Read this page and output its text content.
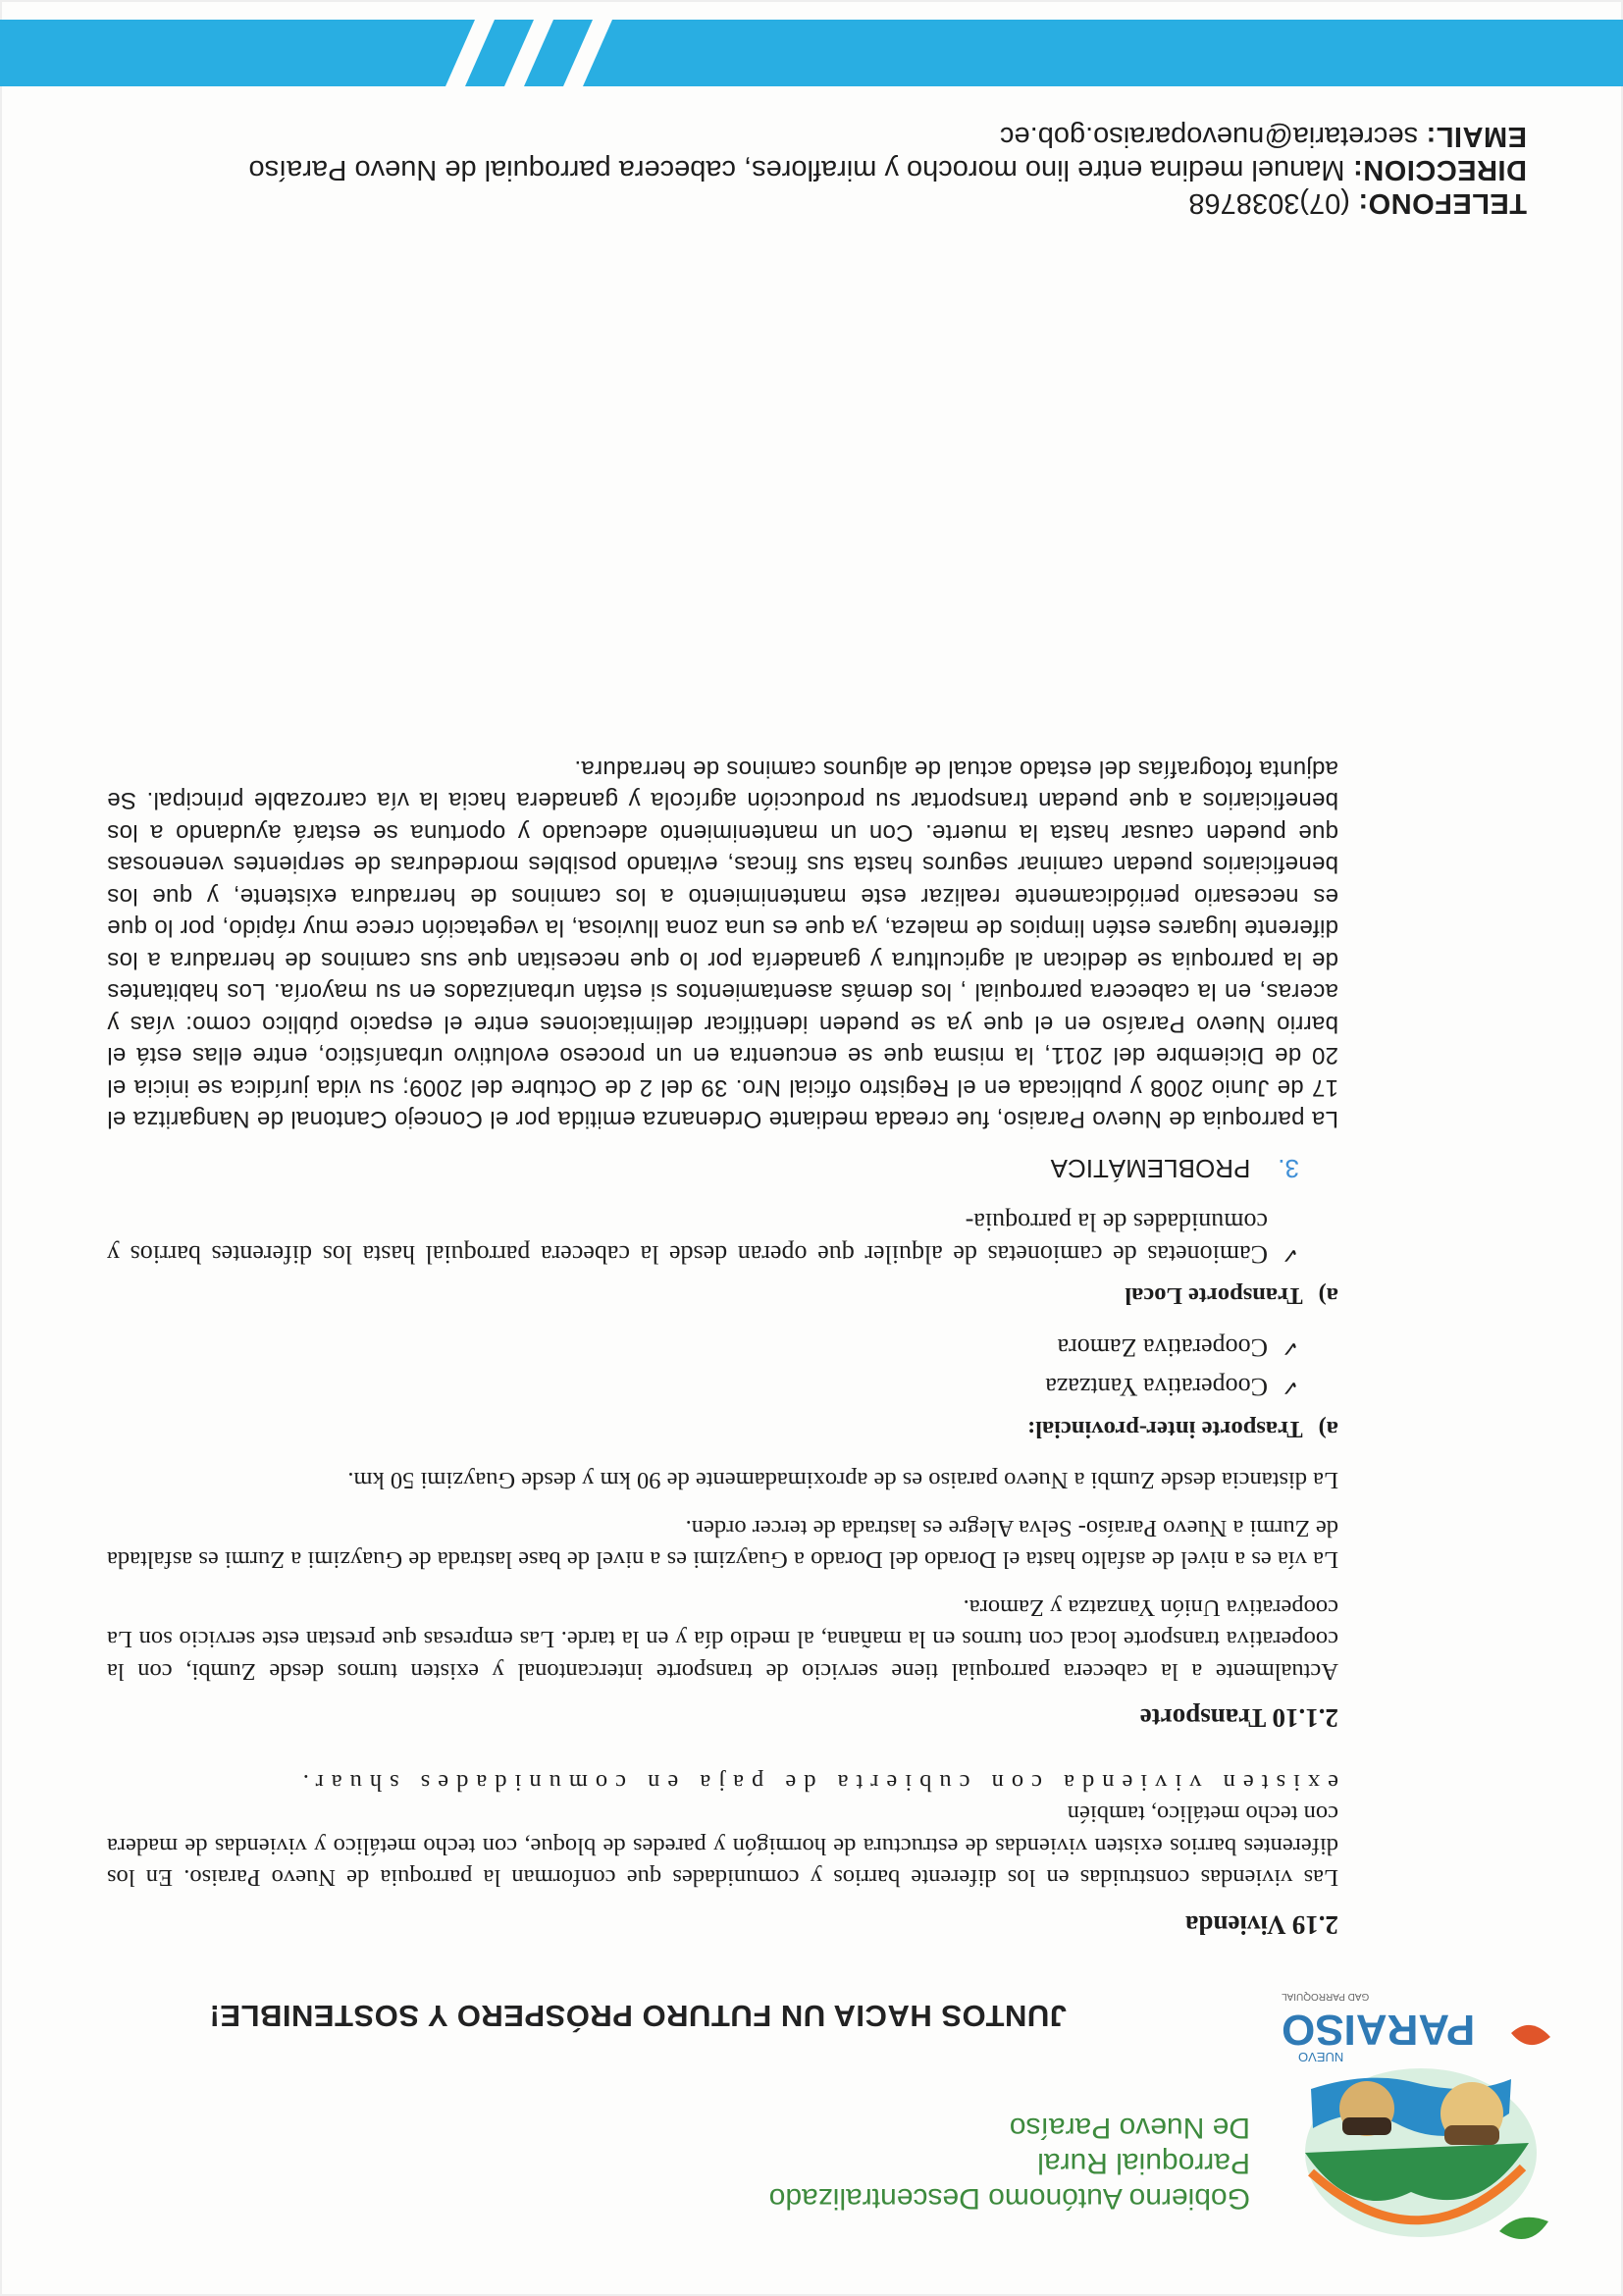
NUEVO
PARAISO
GAD PARROQUIAL
Gobierno Autónomo Descentralizado
Parroquial Rural
De Nuevo Paraíso
JUNTOS HACIA UN FUTURO PRÓSPERO Y SOSTENIBLE!
2.19 Vivienda

Las viviendas construidas en los diferente barrios y comunidades que conforman la parroquia de Nuevo Paraiso. En los diferentes barrios existen viviendas de estructura de hormigón y paredes de bloque, con techo metálico y viviendas de madera con techo metálico, también

existen vivienda con cubierta de paja en comunidades shuar.

2.1.10 Transporte

Actualmente a la cabecera parroquial tiene servicio de transporte intercantonal y existen turnos desde Zumbi, con la cooperativa transporte local con turnos en la mañana, al medio día y en la tarde. Las empresas que prestan este servicio son La cooperativa Unión Yanzatza y Zamora.

La vía es a nivel de asfalto hasta el Dorado del Dorado a Guayzimi es a nivel de base lastrada de Guayzimi a Zurmi es asfaltada de Zurmi a Nuevo Paraíso- Selva Alegre es lastrada de tercer orden.

La distancia desde Zumbi a Nuevo paraiso es de aproximadamente de 90 km y desde Guayzimi 50 km.

a)Trasporte inter-provincial:
✓
Cooperativa Yantzaza
✓
Cooperativa Zamora
a)Transporte Local
✓
Camionetas de camionetas de alquiler que operan desde la cabecera parroquial hasta los diferentes barrios y comunidades de la parroquia-
3.PROBLEMÁTICA
La parroquia de Nuevo Paraiso, fue creada mediante Ordenanza emitida por el Concejo Cantonal de Nangaritza el 17 de Junio 2008 y publicada en el Registro oficial Nro. 39 del 2 de Octubre del 2009; su vida jurídica se inicia el 20 de Diciembre del 2011, la misma que se encuentra en un proceso evolutivo urbanístico, entre ellas está el barrio Nuevo Paraíso en el que ya se pueden identificar delimitaciones entre el espacio público como: vías y aceras, en la cabecera parroquial , los demás asentamientos si están urbanizados en su mayoría. Los habitantes de la parroquia se dedican al agricultura y ganadería por lo que necesitan que sus caminos de herradura a los diferente lugares estén limpios de maleza, ya que es una zona lluviosa, la vegetación crece muy rápido, por lo que es necesario periódicamente realizar este mantenimiento a los caminos de herradura existente, y que los beneficiarios puedan caminar seguros hasta sus fincas, evitando posibles mordeduras de serpientes venenosas que pueden causar hasta la muerte. Con un mantenimiento adecuado y oportuna se estará ayudando a los beneficiarios a que puedan transportar su producción agrícola y ganadera hacia la vía carrozable principal. Se adjunta fotografías del estado actual de algunos caminos de herradura.
TELEFONO: (07)3038768
DIRECCION: Manuel medina entre lino morocho y miraflores, cabecera parroquial de Nuevo Paraíso
EMAIL: secretaria@nuevoparaiso.gob.ec
